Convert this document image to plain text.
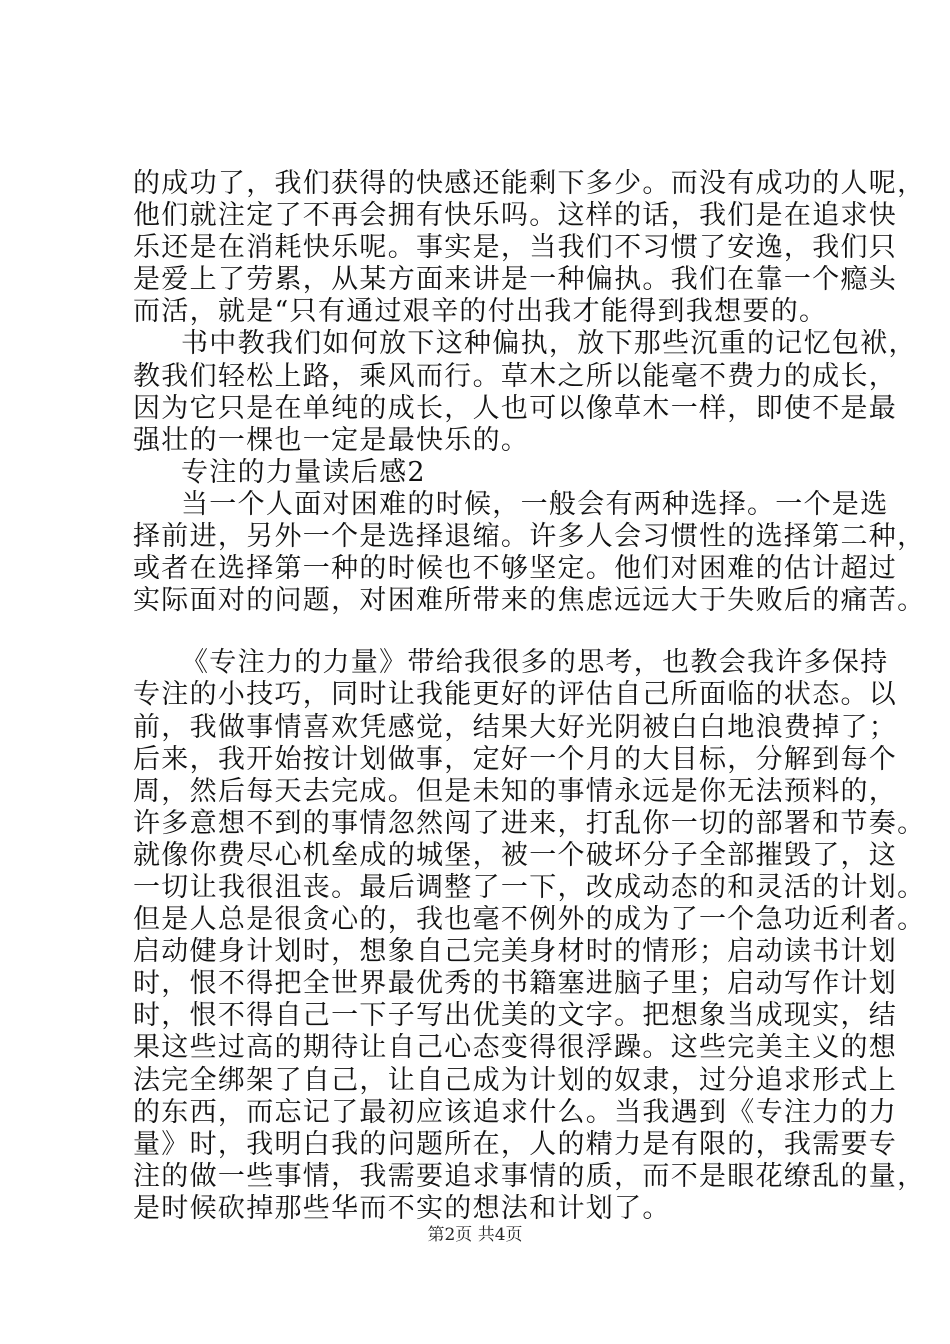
的成功了，我们获得的快感还能剩下多少。而没有成功的人呢，
他们就注定了不再会拥有快乐吗。这样的话，我们是在追求快
乐还是在消耗快乐呢。事实是，当我们不习惯了安逸，我们只
是爱上了劳累，从某方面来讲是一种偏执。我们在靠一个瘾头
而活，就是“只有通过艰辛的付出我才能得到我想要的。
书中教我们如何放下这种偏执，放下那些沉重的记忆包袱，
教我们轻松上路，乘风而行。草木之所以能毫不费力的成长，
因为它只是在单纯的成长，人也可以像草木一样，即使不是最
强壮的一棵也一定是最快乐的。
专注的力量读后感2
当一个人面对困难的时候，一般会有两种选择。一个是选
择前进，另外一个是选择退缩。许多人会习惯性的选择第二种，
或者在选择第一种的时候也不够坚定。他们对困难的估计超过
实际面对的问题，对困难所带来的焦虑远远大于失败后的痛苦。
《专注力的力量》带给我很多的思考，也教会我许多保持
专注的小技巧，同时让我能更好的评估自己所面临的状态。以
前，我做事情喜欢凭感觉，结果大好光阴被白白地浪费掉了；
后来，我开始按计划做事，定好一个月的大目标，分解到每个
周，然后每天去完成。但是未知的事情永远是你无法预料的，
许多意想不到的事情忽然闯了进来，打乱你一切的部署和节奏。
就像你费尽心机垒成的城堡，被一个破坏分子全部摧毁了，这
一切让我很沮丧。最后调整了一下，改成动态的和灵活的计划。
但是人总是很贪心的，我也毫不例外的成为了一个急功近利者。
启动健身计划时，想象自己完美身材时的情形；启动读书计划
时，恨不得把全世界最优秀的书籍塞进脑子里；启动写作计划
时，恨不得自己一下子写出优美的文字。把想象当成现实，结
果这些过高的期待让自己心态变得很浮躁。这些完美主义的想
法完全绑架了自己，让自己成为计划的奴隶，过分追求形式上
的东西，而忘记了最初应该追求什么。当我遇到《专注力的力
量》时，我明白我的问题所在，人的精力是有限的，我需要专
注的做一些事情，我需要追求事情的质，而不是眼花缭乱的量，
是时候砍掉那些华而不实的想法和计划了。
第2页 共4页
